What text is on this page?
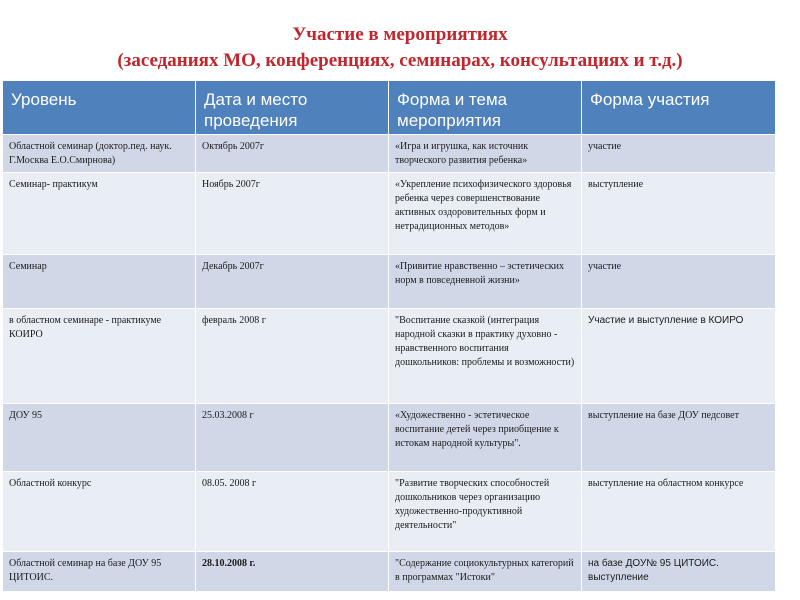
Участие в мероприятиях
(заседаниях МО, конференциях, семинарах, консультациях и т.д.)
Уровень	Дата и место проведения	Форма и тема мероприятия	Форма участия
Областной семинар (доктор.пед. наук. Г.Москва Е.О.Смирнова)	Октябрь 2007г	«Игра и игрушка, как источник творческого развития ребенка»	участие
Семинар- практикум	Ноябрь 2007г	«Укрепление психофизического здоровья ребенка через совершенствование активных оздоровительных форм и нетрадиционных методов»	выступление
Семинар	Декабрь 2007г	«Привитие нравственно – эстетических норм в повседневной жизни»	участие
в областном семинаре - практикуме КОИРО	февраль 2008 г	"Воспитание сказкой (интеграция народной сказки в практику духовно - нравственного воспитания дошкольников: проблемы и возможности)	Участие и выступление в КОИРО
ДОУ 95	25.03.2008 г	«Художественно - эстетическое воспитание детей через приобщение к истокам народной культуры".	выступление на базе ДОУ педсовет
Областной конкурс	08.05. 2008 г	"Развитие творческих способностей дошкольников через организацию художественно-продуктивной деятельности"	выступление на областном конкурсе
Областной семинар на базе ДОУ 95 ЦИТОИС.	28.10.2008 г.	"Содержание социокультурных категорий в программах "Истоки"	на базе ДОУ№ 95 ЦИТОИС. выступление
